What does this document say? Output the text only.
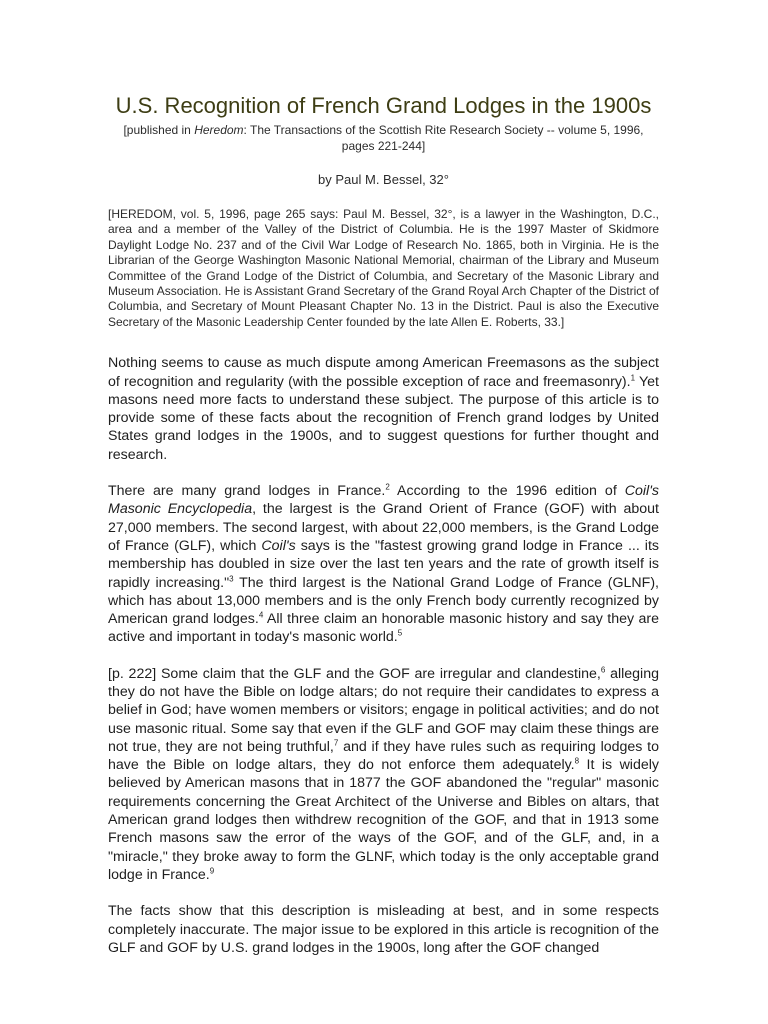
U.S. Recognition of French Grand Lodges in the 1900s

[published in Heredom: The Transactions of the Scottish Rite Research Society -- volume 5, 1996, pages 221-244]

by Paul M. Bessel, 32°

[HEREDOM, vol. 5, 1996, page 265 says: Paul M. Bessel, 32°, is a lawyer in the Washington, D.C., area and a member of the Valley of the District of Columbia. He is the 1997 Master of Skidmore Daylight Lodge No. 237 and of the Civil War Lodge of Research No. 1865, both in Virginia. He is the Librarian of the George Washington Masonic National Memorial, chairman of the Library and Museum Committee of the Grand Lodge of the District of Columbia, and Secretary of the Masonic Library and Museum Association. He is Assistant Grand Secretary of the Grand Royal Arch Chapter of the District of Columbia, and Secretary of Mount Pleasant Chapter No. 13 in the District. Paul is also the Executive Secretary of the Masonic Leadership Center founded by the late Allen E. Roberts, 33.]

Nothing seems to cause as much dispute among American Freemasons as the subject of recognition and regularity (with the possible exception of race and freemasonry).$^1$ Yet masons need more facts to understand these subject. The purpose of this article is to provide some of these facts about the recognition of French grand lodges by United States grand lodges in the 1900s, and to suggest questions for further thought and research.

There are many grand lodges in France.$^2$ According to the 1996 edition of Coil's Masonic Encyclopedia, the largest is the Grand Orient of France (GOF) with about 27,000 members. The second largest, with about 22,000 members, is the Grand Lodge of France (GLF), which Coil's says is the "fastest growing grand lodge in France ... its membership has doubled in size over the last ten years and the rate of growth itself is rapidly increasing."$^3$ The third largest is the National Grand Lodge of France (GLNF), which has about 13,000 members and is the only French body currently recognized by American grand lodges.$^4$ All three claim an honorable masonic history and say they are active and important in today's masonic world.$^5$

[p. 222] Some claim that the GLF and the GOF are irregular and clandestine,$^6$ alleging they do not have the Bible on lodge altars; do not require their candidates to express a belief in God; have women members or visitors; engage in political activities; and do not use masonic ritual. Some say that even if the GLF and GOF may claim these things are not true, they are not being truthful,$^7$ and if they have rules such as requiring lodges to have the Bible on lodge altars, they do not enforce them adequately.$^8$ It is widely believed by American masons that in 1877 the GOF abandoned the "regular" masonic requirements concerning the Great Architect of the Universe and Bibles on altars, that American grand lodges then withdrew recognition of the GOF, and that in 1913 some French masons saw the error of the ways of the GOF, and of the GLF, and, in a "miracle," they broke away to form the GLNF, which today is the only acceptable grand lodge in France.$^9$

The facts show that this description is misleading at best, and in some respects completely inaccurate. The major issue to be explored in this article is recognition of the GLF and GOF by U.S. grand lodges in the 1900s, long after the GOF changed
